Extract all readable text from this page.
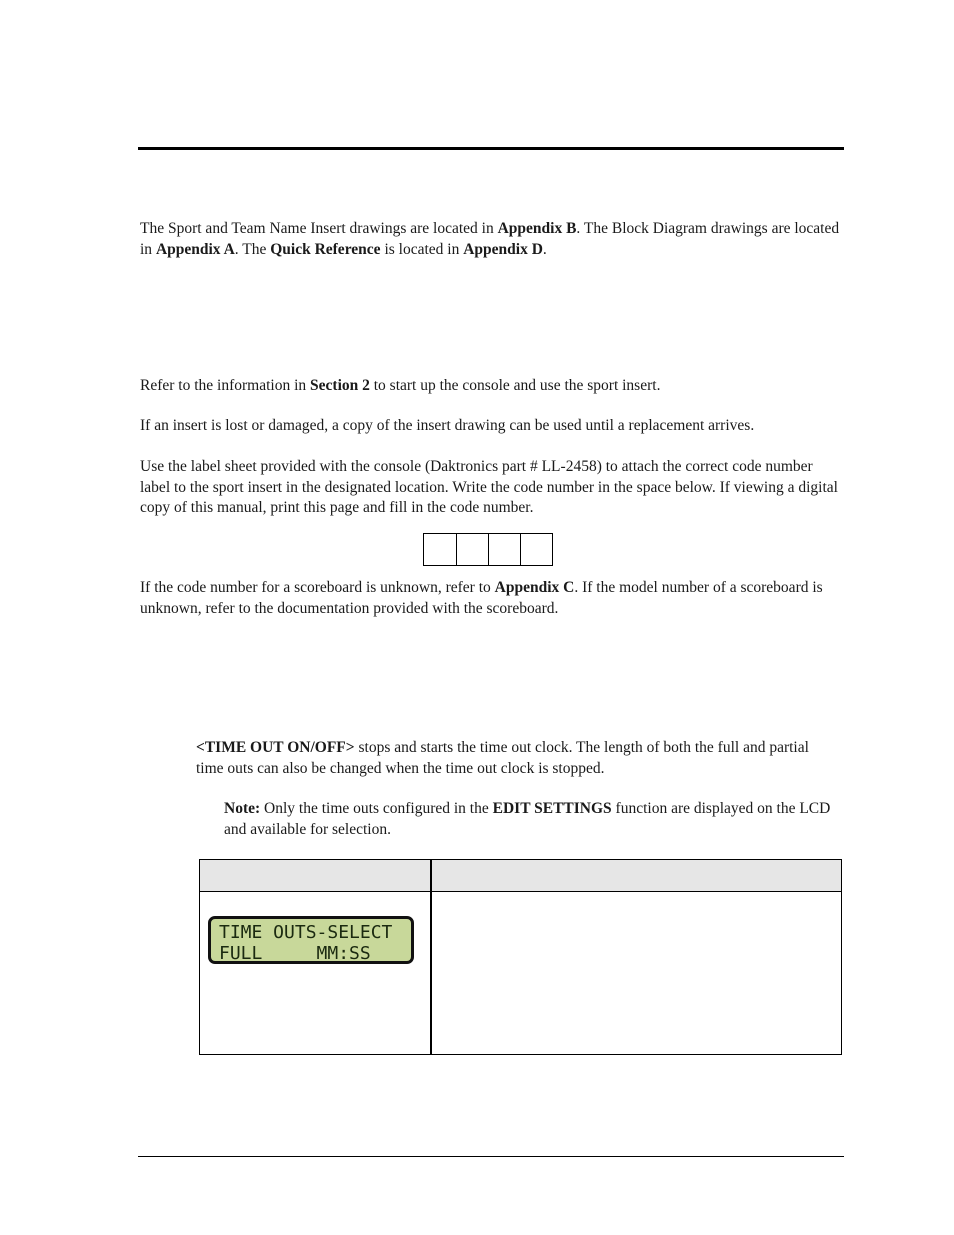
The Sport and Team Name Insert drawings are located in Appendix B. The Block Diagram drawings are located in Appendix A. The Quick Reference is located in Appendix D.

Refer to the information in Section 2 to start up the console and use the sport insert.

If an insert is lost or damaged, a copy of the insert drawing can be used until a replacement arrives.

Use the label sheet provided with the console (Daktronics part # LL-2458) to attach the correct code number label to the sport insert in the designated location. Write the code number in the space below. If viewing a digital copy of this manual, print this page and fill in the code number.

If the code number for a scoreboard is unknown, refer to Appendix C. If the model number of a scoreboard is unknown, refer to the documentation provided with the scoreboard.

<TIME OUT ON/OFF> stops and starts the time out clock. The length of both the full and partial time outs can also be changed when the time out clock is stopped.

Note: Only the time outs configured in the EDIT SETTINGS function are displayed on the LCD and available for selection.

TIME OUTS-SELECT
FULL     MM:SS	
